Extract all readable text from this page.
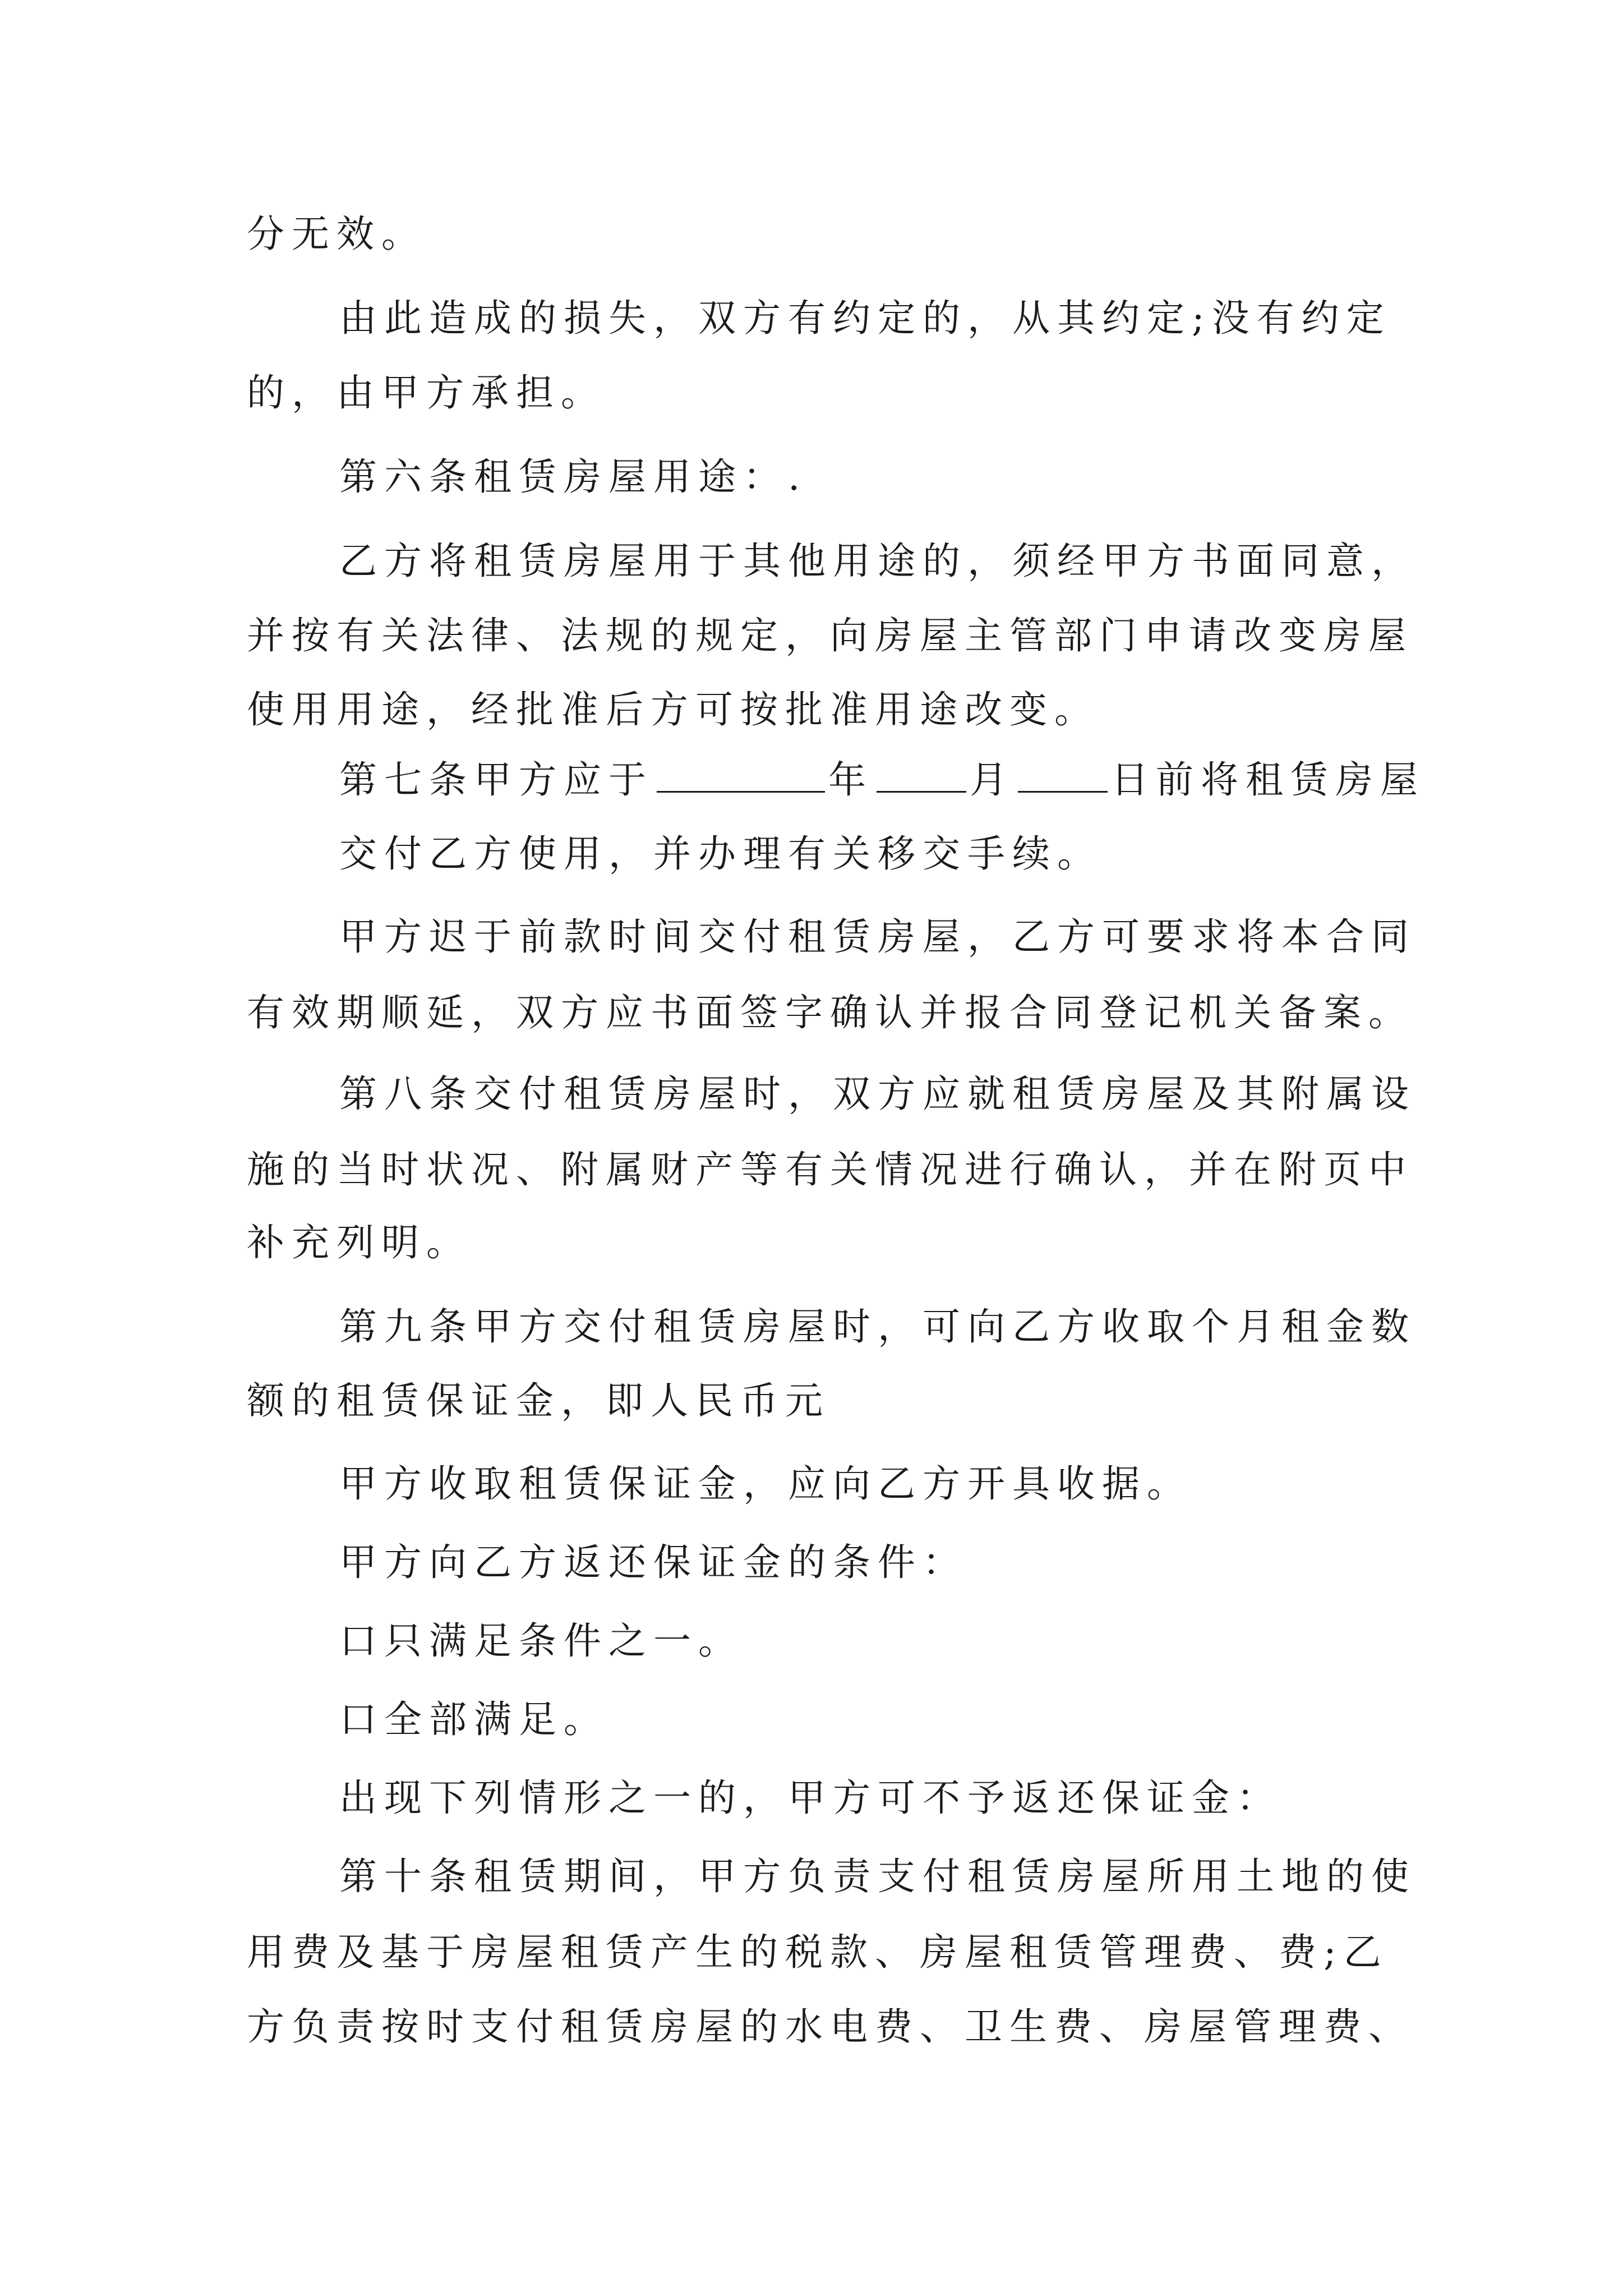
分无效。

由此造成的损失，双方有约定的，从其约定;没有约定

的，由甲方承担。

第六条租赁房屋用途：.

乙方将租赁房屋用于其他用途的，须经甲方书面同意，

并按有关法律、法规的规定，向房屋主管部门申请改变房屋

使用用途，经批准后方可按批准用途改变。

第七条甲方应于	年	月	日前将租赁房屋

交付乙方使用，并办理有关移交手续。

甲方迟于前款时间交付租赁房屋，乙方可要求将本合同

有效期顺延，双方应书面签字确认并报合同登记机关备案。

第八条交付租赁房屋时，双方应就租赁房屋及其附属设

施的当时状况、附属财产等有关情况进行确认，并在附页中

补充列明。

第九条甲方交付租赁房屋时，可向乙方收取个月租金数

额的租赁保证金，即人民币元

甲方收取租赁保证金，应向乙方开具收据。

甲方向乙方返还保证金的条件：

口只满足条件之一。

口全部满足。

出现下列情形之一的，甲方可不予返还保证金：

第十条租赁期间，甲方负责支付租赁房屋所用土地的使

用费及基于房屋租赁产生的税款、房屋租赁管理费、费;乙

方负责按时支付租赁房屋的水电费、卫生费、房屋管理费、
